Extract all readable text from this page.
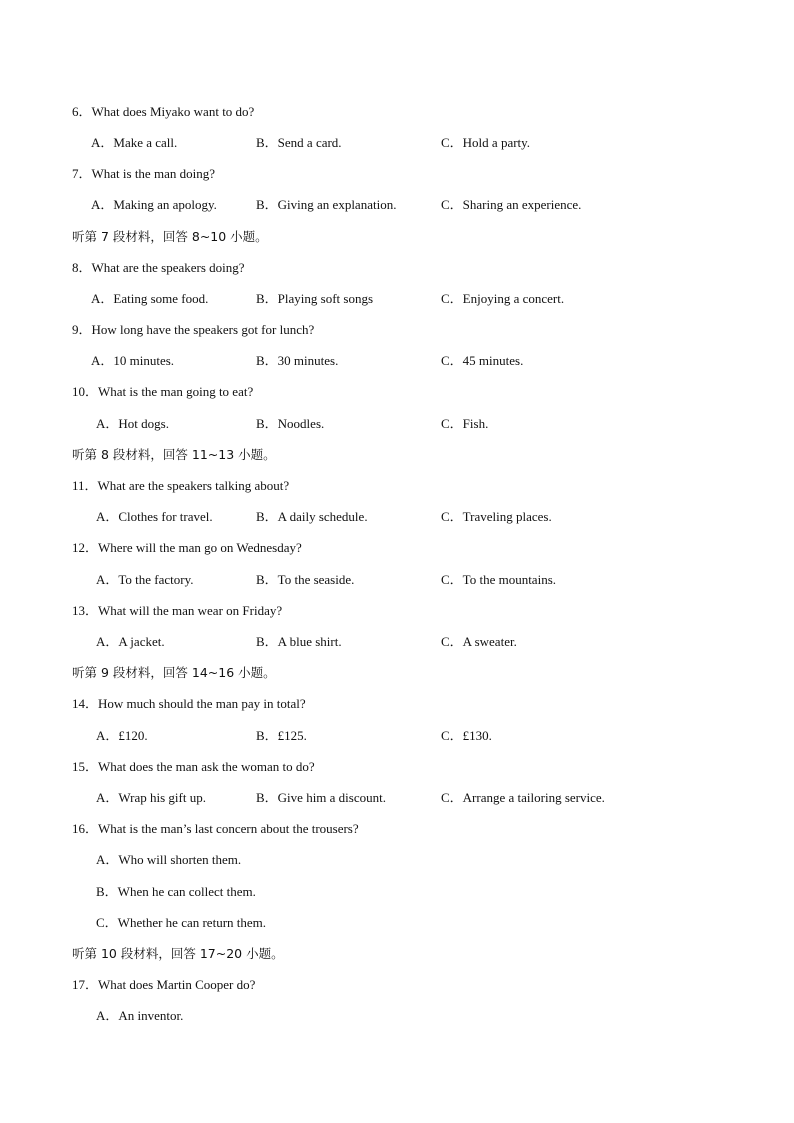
6．What does Miyako want to do?
A．Make a call.	B．Send a card.	C．Hold a party.
7．What is the man doing?
A．Making an apology.	B．Giving an explanation.	C．Sharing an experience.
听第 7 段材料，回答 8~10 小题。
8．What are the speakers doing?
A．Eating some food.	B．Playing soft songs	C．Enjoying a concert.
9．How long have the speakers got for lunch?
A．10 minutes.	B．30 minutes.	C．45 minutes.
10．What is the man going to eat?
A．Hot dogs.	B．Noodles.	C．Fish.
听第 8 段材料，回答 11~13 小题。
11．What are the speakers talking about?
A．Clothes for travel.	B．A daily schedule.	C．Traveling places.
12．Where will the man go on Wednesday?
A．To the factory.	B．To the seaside.	C．To the mountains.
13．What will the man wear on Friday?
A．A jacket.	B．A blue shirt.	C．A sweater.
听第 9 段材料，回答 14~16 小题。
14．How much should the man pay in total?
A．£120.	B．£125.	C．£130.
15．What does the man ask the woman to do?
A．Wrap his gift up.	B．Give him a discount.	C．Arrange a tailoring service.
16．What is the man’s last concern about the trousers?
A．Who will shorten them.
B．When he can collect them.
C．Whether he can return them.
听第 10 段材料，回答 17~20 小题。
17．What does Martin Cooper do?
A．An inventor.
